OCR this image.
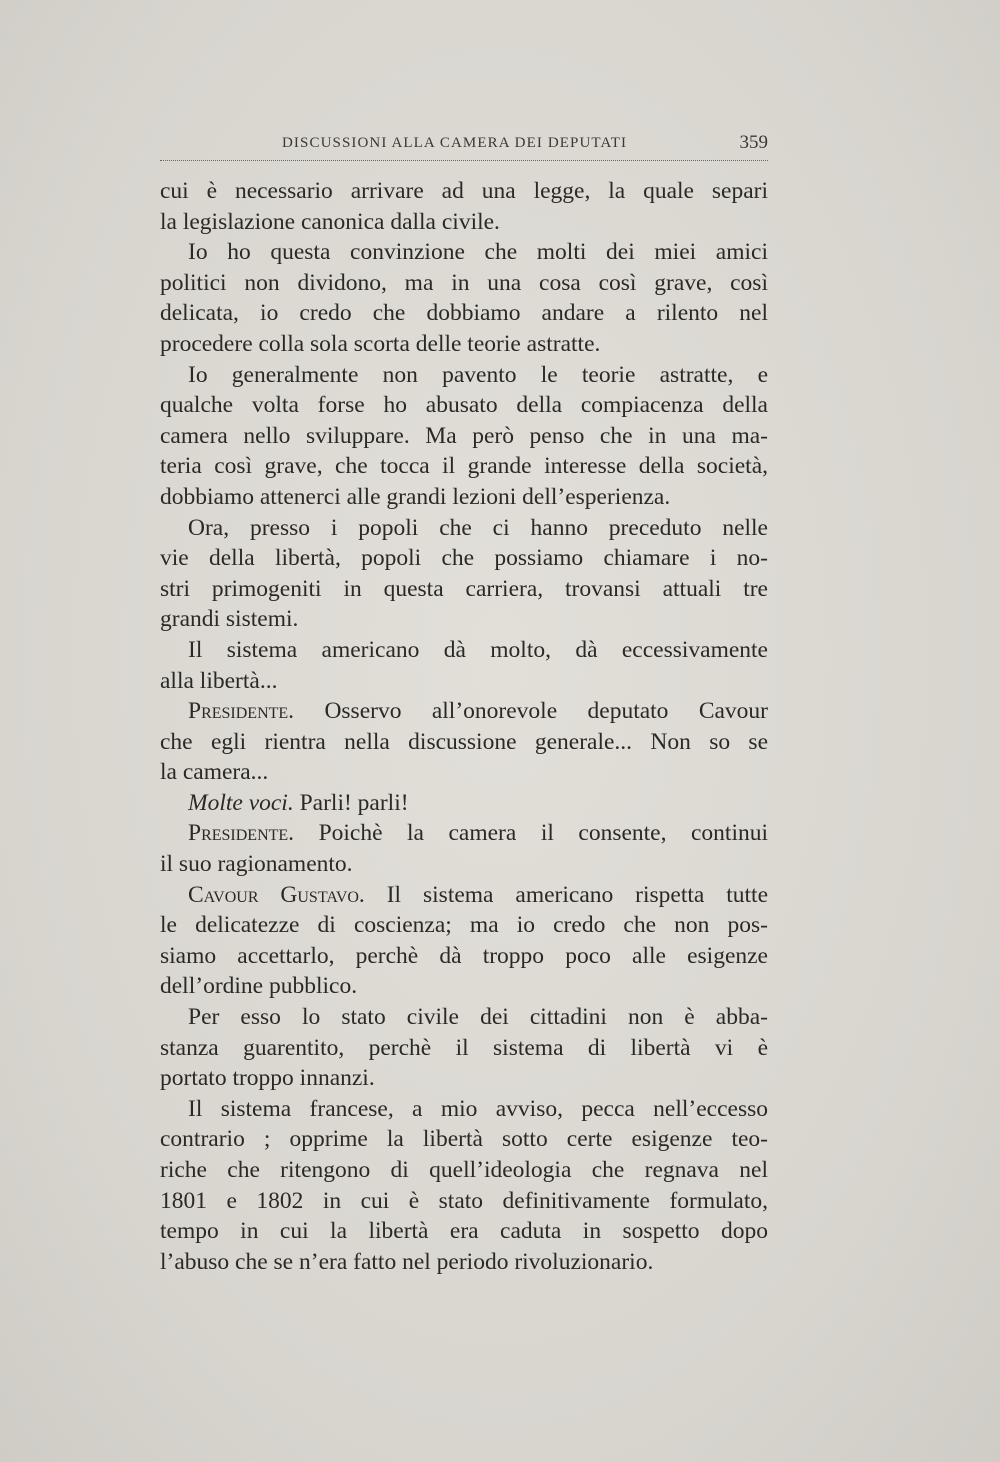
DISCUSSIONI ALLA CAMERA DEI DEPUTATI	359
cui è necessario arrivare ad una legge, la quale separi
la legislazione canonica dalla civile.
Io ho questa convinzione che molti dei miei amici
politici non dividono, ma in una cosa così grave, così
delicata, io credo che dobbiamo andare a rilento nel
procedere colla sola scorta delle teorie astratte.
Io generalmente non pavento le teorie astratte, e
qualche volta forse ho abusato della compiacenza della
camera nello sviluppare. Ma però penso che in una ma-
teria così grave, che tocca il grande interesse della società,
dobbiamo attenerci alle grandi lezioni dell’esperienza.
Ora, presso i popoli che ci hanno preceduto nelle
vie della libertà, popoli che possiamo chiamare i no-
stri primogeniti in questa carriera, trovansi attuali tre
grandi sistemi.
Il sistema americano dà molto, dà eccessivamente
alla libertà...
Presidente. Osservo all’onorevole deputato Cavour
che egli rientra nella discussione generale... Non so se
la camera...
Molte voci. Parli! parli!
Presidente. Poichè la camera il consente, continui
il suo ragionamento.
Cavour Gustavo. Il sistema americano rispetta tutte
le delicatezze di coscienza; ma io credo che non pos-
siamo accettarlo, perchè dà troppo poco alle esigenze
dell’ordine pubblico.
Per esso lo stato civile dei cittadini non è abba-
stanza guarentito, perchè il sistema di libertà vi è
portato troppo innanzi.
Il sistema francese, a mio avviso, pecca nell’eccesso
contrario ; opprime la libertà sotto certe esigenze teo-
riche che ritengono di quell’ideologia che regnava nel
1801 e 1802 in cui è stato definitivamente formulato,
tempo in cui la libertà era caduta in sospetto dopo
l’abuso che se n’era fatto nel periodo rivoluzionario.
